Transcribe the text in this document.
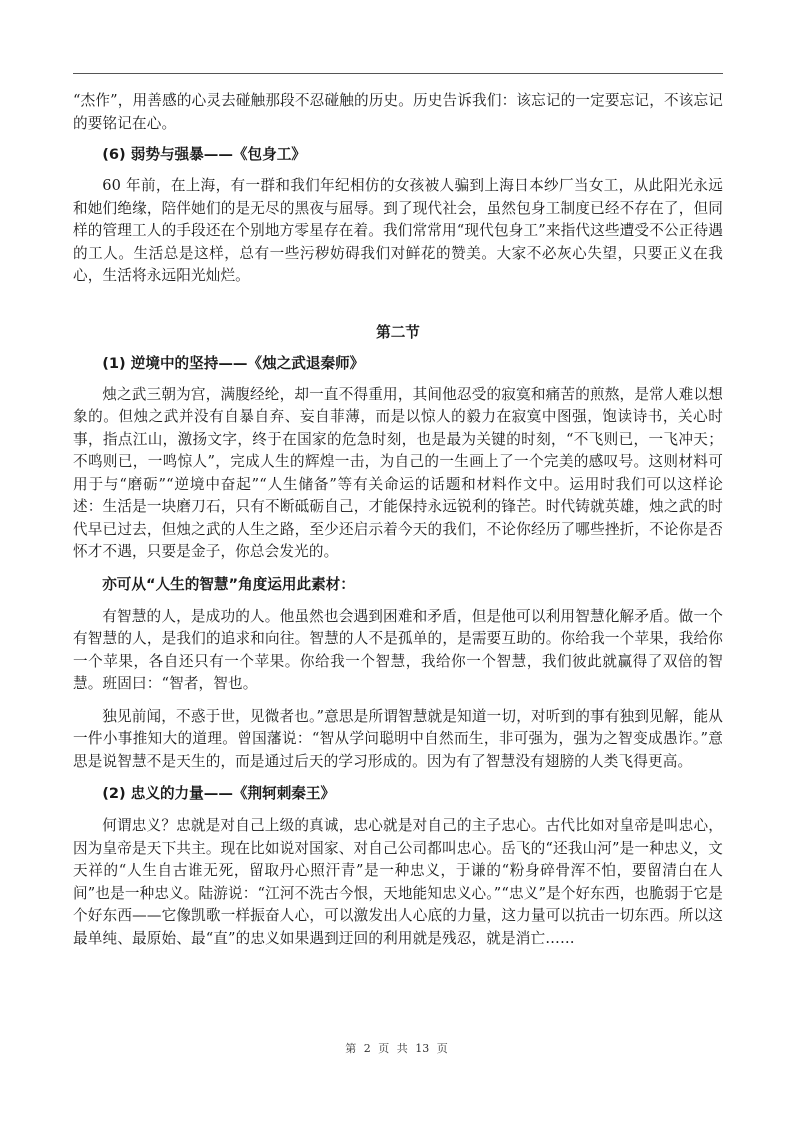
“杰作”，用善感的心灵去碰触那段不忍碰触的历史。历史告诉我们：该忘记的一定要忘记，不该忘记的要铭记在心。

(6) 弱势与强暴——《包身工》

60 年前，在上海，有一群和我们年纪相仿的女孩被人骗到上海日本纱厂当女工，从此阳光永远和她们绝缘，陪伴她们的是无尽的黑夜与屈辱。到了现代社会，虽然包身工制度已经不存在了，但同样的管理工人的手段还在个别地方零星存在着。我们常常用“现代包身工”来指代这些遭受不公正待遇的工人。生活总是这样，总有一些污秽妨碍我们对鲜花的赞美。大家不必灰心失望，只要正义在我心，生活将永远阳光灿烂。

第二节
(1) 逆境中的坚持——《烛之武退秦师》

烛之武三朝为宫，满腹经纶，却一直不得重用，其间他忍受的寂寞和痛苦的煎熬，是常人难以想象的。但烛之武并没有自暴自弃、妄自菲薄，而是以惊人的毅力在寂寞中图强，饱读诗书，关心时事，指点江山，激扬文字，终于在国家的危急时刻，也是最为关键的时刻，“不飞则已，一飞冲天；不鸣则已，一鸣惊人”，完成人生的辉煌一击，为自己的一生画上了一个完美的感叹号。这则材料可用于与“磨砺”“逆境中奋起”“人生储备”等有关命运的话题和材料作文中。运用时我们可以这样论述：生活是一块磨刀石，只有不断砥砺自己，才能保持永远锐利的锋芒。时代铸就英雄，烛之武的时代早已过去，但烛之武的人生之路，至少还启示着今天的我们，不论你经历了哪些挫折，不论你是否怀才不遇，只要是金子，你总会发光的。

亦可从“人生的智慧”角度运用此素材：

有智慧的人，是成功的人。他虽然也会遇到困难和矛盾，但是他可以利用智慧化解矛盾。做一个有智慧的人，是我们的追求和向往。智慧的人不是孤单的，是需要互助的。你给我一个苹果，我给你一个苹果，各自还只有一个苹果。你给我一个智慧，我给你一个智慧，我们彼此就赢得了双倍的智慧。班固曰：“智者，智也。

独见前闻，不惑于世，见微者也。”意思是所谓智慧就是知道一切，对听到的事有独到见解，能从一件小事推知大的道理。曾国藩说：“智从学问聪明中自然而生，非可强为，强为之智变成愚诈。”意思是说智慧不是天生的，而是通过后天的学习形成的。因为有了智慧没有翅膀的人类飞得更高。

(2) 忠义的力量——《荆轲刺秦王》

何谓忠义？忠就是对自己上级的真诚，忠心就是对自己的主子忠心。古代比如对皇帝是叫忠心，因为皇帝是天下共主。现在比如说对国家、对自己公司都叫忠心。岳飞的“还我山河”是一种忠义，文天祥的“人生自古谁无死，留取丹心照汗青”是一种忠义，于谦的“粉身碎骨浑不怕，要留清白在人间”也是一种忠义。陆游说：“江河不洗古今恨，天地能知忠义心。”“忠义”是个好东西，也脆弱于它是个好东西——它像凯歌一样振奋人心，可以激发出人心底的力量，这力量可以抗击一切东西。所以这最单纯、最原始、最“直”的忠义如果遇到迂回的利用就是残忍，就是消亡……

第 2 页 共 13 页
